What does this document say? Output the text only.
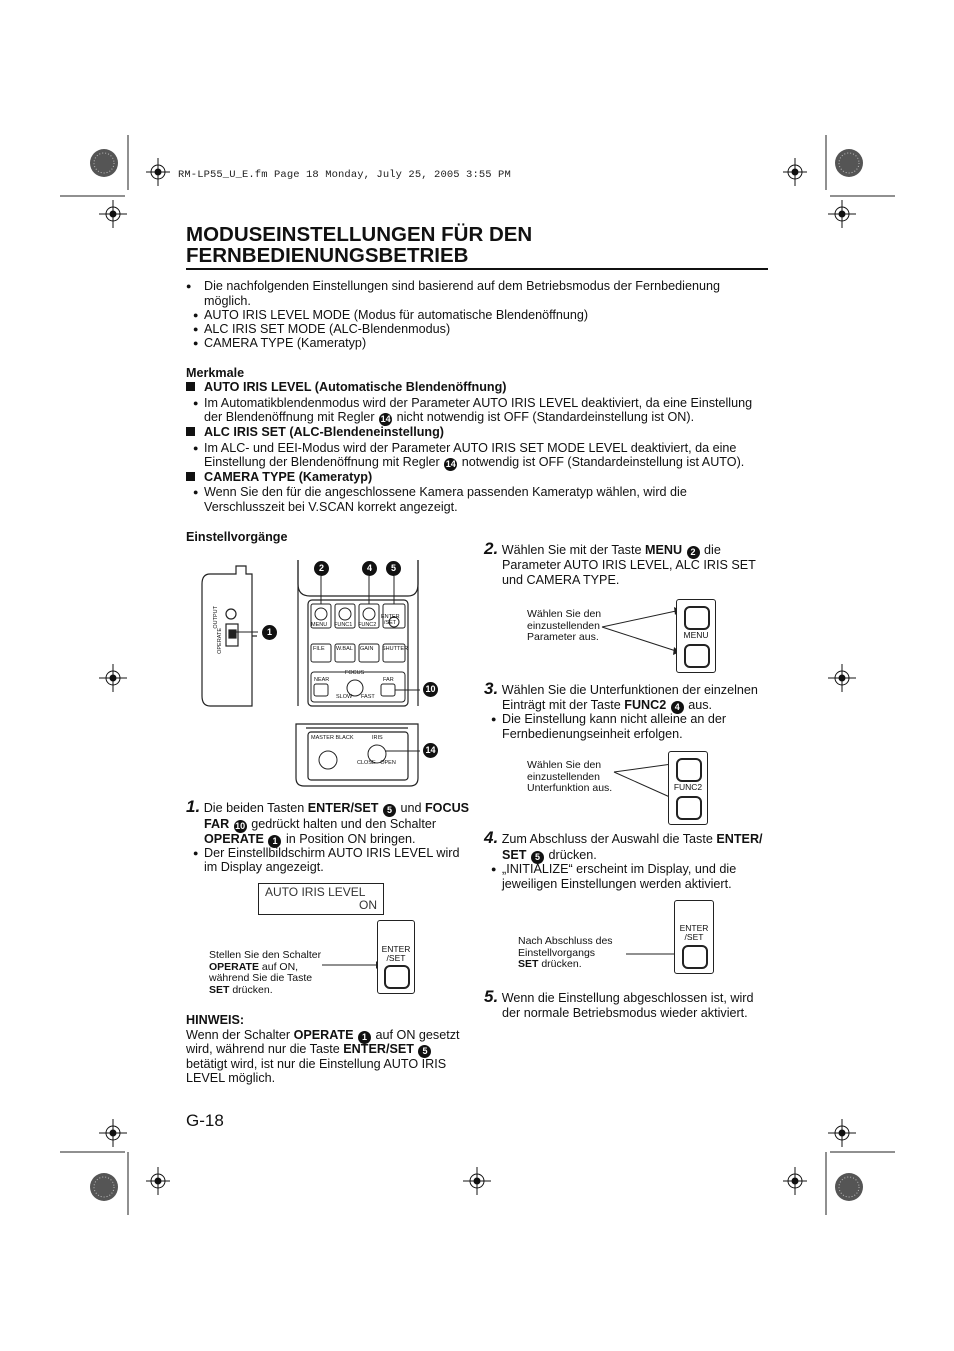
RM-LP55_U_E.fm Page 18 Monday, July 25, 2005 3:55 PM
MODUSEINSTELLUNGEN FÜR DEN
FERNBEDIENUNGSBETRIEB
● Die nachfolgenden Einstellungen sind basierend auf dem Betriebsmodus der Fernbedienung möglich.
● AUTO IRIS LEVEL MODE (Modus für automatische Blendenöffnung)
● ALC IRIS SET MODE (ALC-Blendenmodus)
● CAMERA TYPE (Kameratyp)
Merkmale
AUTO IRIS LEVEL (Automatische Blendenöffnung)
● Im Automatikblendenmodus wird der Parameter AUTO IRIS LEVEL deaktiviert, da eine Einstellung
der Blendenöffnung mit Regler 14 nicht notwendig ist OFF (Standardeinstellung ist ON).
ALC IRIS SET (ALC-Blendeneinstellung)
● Im ALC- und EEI-Modus wird der Parameter AUTO IRIS SET MODE LEVEL deaktiviert, da eine
Einstellung der Blendenöffnung mit Regler 14 notwendig ist OFF (Standardeinstellung ist AUTO).
CAMERA TYPE (Kameratyp)
● Wenn Sie den für die angeschlossene Kamera passenden Kameratyp wählen, wird die
Verschlusszeit bei V.SCAN korrekt angezeigt.
Einstellvorgänge
MENU FUNC1 FUNC2
ENTER /SET
FILE W.BAL GAIN SHUTTER
FOCUS
NEAR	FAR
SLOW FAST
MASTER BLACK	IRIS
CLOSE   OPEN
OUTPUT
OPERATE
2	4	5
1
10
14
1. Die beiden Tasten ENTER/SET 5 und FOCUS
FAR 10 gedrückt halten und den Schalter
OPERATE 1 in Position ON bringen.
● Der Einstellbildschirm AUTO IRIS LEVEL wird
im Display angezeigt.
AUTO IRIS LEVEL
ON
Stellen Sie den Schalter
OPERATE auf ON,
während Sie die Taste
SET drücken.
ENTER /SET
HINWEIS:
Wenn der Schalter OPERATE 1 auf ON gesetzt
wird, während nur die Taste ENTER/SET 5
betätigt wird, ist nur die Einstellung AUTO IRIS
LEVEL möglich.
2. Wählen Sie mit der Taste MENU 2 die
Parameter AUTO IRIS LEVEL, ALC IRIS SET
und CAMERA TYPE.
Wählen Sie den
einzustellenden
Parameter aus.	MENU
3. Wählen Sie die Unterfunktionen der einzelnen
Einträgt mit der Taste FUNC2 4 aus.
● Die Einstellung kann nicht alleine an der
Fernbedienungseinheit erfolgen.
Wählen Sie den
einzustellenden
Unterfunktion aus.	FUNC2
4. Zum Abschluss der Auswahl die Taste ENTER/
SET 5 drücken.
● „INITIALIZE“ erscheint im Display, und die
jeweiligen Einstellungen werden aktiviert.
Nach Abschluss des
Einstellvorgangs
SET drücken.
ENTER /SET
5. Wenn die Einstellung abgeschlossen ist, wird
der normale Betriebsmodus wieder aktiviert.
G-18
